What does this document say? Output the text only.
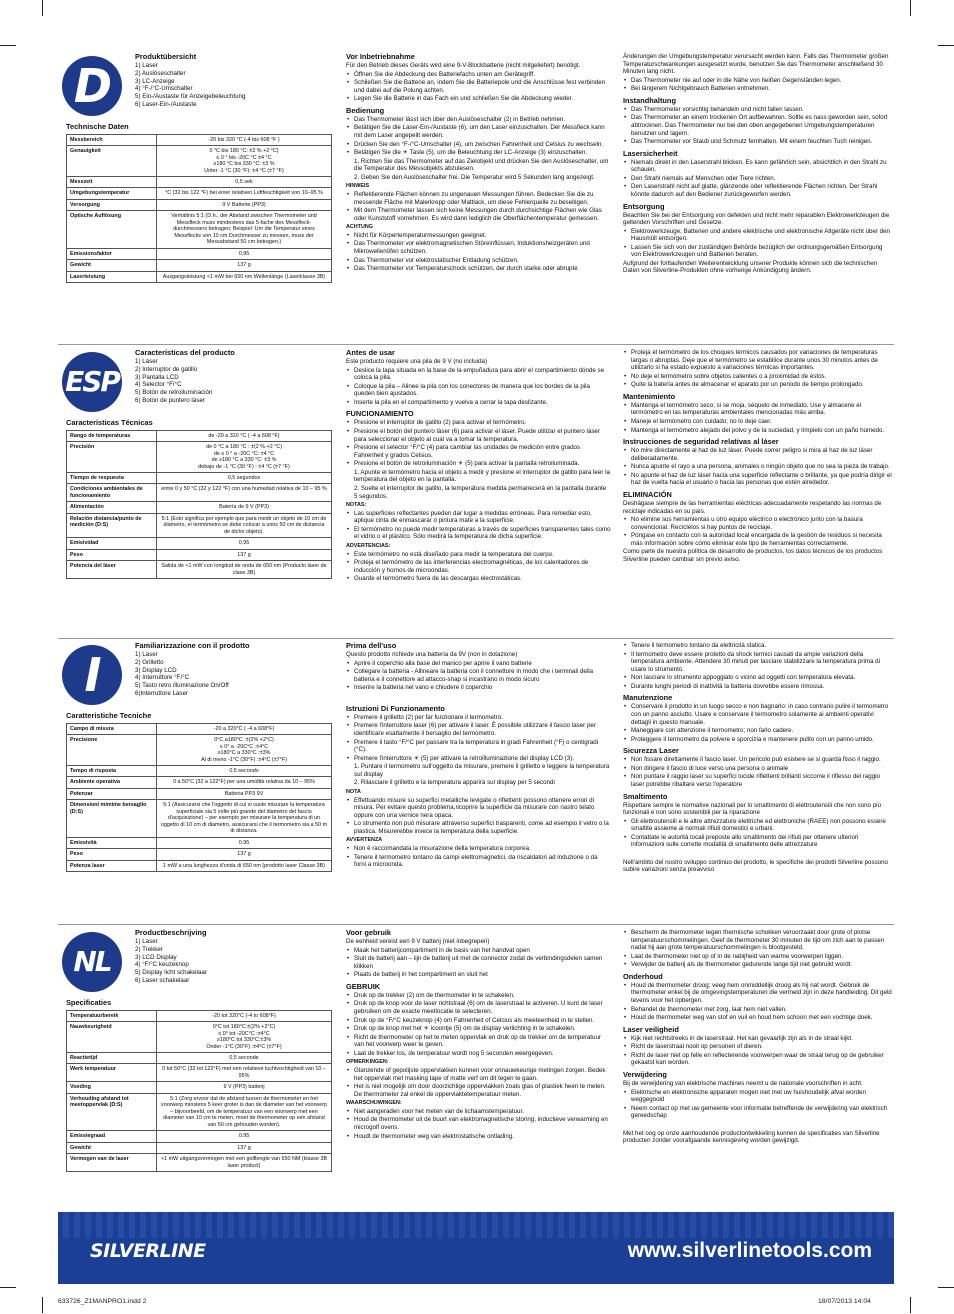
D
Produktübersicht
1) Laser
2) Auslöseschalter
3) LC-Anzeige
4) °F-/°C-Umschalter
5) Ein-/Austaste für Anzeigebeleuchtung
6) Laser-Ein-/Austaste
Technische Daten
Messbereich	-20 bis 320 °C (-4 bis 608 °F )

Genauigkeit	0 °C bis 180 °C: ±2 % +2 °C)
≤ 0 ° bis -20C °C ±4 °C
≥180 °C bis 330 °C: ±3 %
Unter -1 °C (30 °F): ±4 °C (±7 °F)

Messzeit	0,5 sek

Umgebungstemperatur	°C (32 bis 122 °F) bei einer relativen Luftfeuchtigkeit von 10–95 %

Versorgung	9 V Batterie (PP3)

Optische Auflösung	Verhältnis 5:1 (D.h., der Abstand zwischen Thermometer und Messfleck muss mindestens das 5-fache des Messfleck-durchmessers betragen; Beispiel: Um die Temperatur eines Messflecks von 10 cm Durchmesser zu messen, muss der Messabstand 50 cm betragen.)

Emissionsfaktor	0,95

Gewicht	137 g

Laserleistung	Ausgangsleistung <1 mW bei 650 nm Wellenlänge (Laserklasse 3B)
Vor Inbetriebnahme
Für den Betrieb dieses Geräts wird eine 9-V-Blockbatterie (nicht mitgeliefert) benötigt.
• Öffnen Sie die Abdeckung des Batteriefachs unten am Gerätegriff.
• Schließen Sie die Batterie an, indem Sie die Batteriepole und die Anschlüsse fest verbinden und dabei auf die Polung achten.
• Legen Sie die Batterie in das Fach ein und schließen Sie die Abdeckung wieder.
Bedienung
• Das Thermometer lässt sich über den Auslöseschalter (2) in Betrieb nehmen.
• Betätigen Sie die Laser-Ein-/Austaste (6), um den Laser einzuschalten. Der Messfleck kann mit dem Laser angepeilt werden.
• Drücken Sie den °F-/°C-Umschalter (4), um zwischen Fahrenheit und Celsius zu wechseln.
• Betätigen Sie die ☀ Taste (5), um die Beleuchtung der LC-Anzeige (3) einzuschalten.
1. Richten Sie das Thermometer auf das Zielobjekt und drücken Sie den Auslöseschalter, um die Temperatur des Messobjekts abzulesen.
2. Geben Sie den Auslöseschalter frei. Die Temperatur wird 5 Sekunden lang angezeigt.
HINWEIS
• Reflektierende Flächen können zu ungenauen Messungen führen. Bedecken Sie die zu messende Fläche mit Malerkrepp oder Mattlack, um diese Fehlerquelle zu beseitigen.
• Mit dem Thermometer lassen sich keine Messungen durch durchsichtige Flächen wie Glas oder Kunststoff vornehmen. Es wird dann lediglich die Oberflächentemperatur gemessen.
ACHTUNG
• Nicht für Körpertemperaturmessungen geeignet.
• Das Thermometer vor elektromagnetischen Störeinflüssen, Induktionsheizgeräten und Mikrowellenöfen schützen.
• Das Thermometer vor elektrostatischer Entladung schützen.
• Das Thermometer vor Temperaturschock schützen, der durch starke oder abrupte
Änderungen der Umgebungstemperatur verursacht werden kann. Falls das Thermometer großen Temperaturschwankungen ausgesetzt wurde, benutzen Sie das Thermometer anschließend 30 Minuten lang nicht.
• Das Thermometer nie auf oder in die Nähe von heißen Gegenständen legen.
• Bei längerem Nichtgebrauch Batterien entnehmen.
Instandhaltung
• Das Thermometer vorsichtig behandeln und nicht fallen lassen.
• Das Thermometer an einem trockenen Ort aufbewahren. Sollte es nass geworden sein, sofort abtrocknen. Das Thermometer nur bei den oben angegebenen Umgebungstemperaturen benutzen und lagern.
• Das Thermometer vor Staub und Schmutz fernhalten. Mit einem feuchten Tuch reinigen.
Lasersicherheit
• Niemals direkt in den Laserstrahl blicken. Es kann gefährlich sein, absichtlich in den Strahl zu schauen.
• Den Strahl niemals auf Menschen oder Tiere richten.
• Den Laserstrahl nicht auf glatte, glänzende oder reflektierende Flächen richten. Der Strahl könnte dadurch auf den Bediener zurückgeworfen werden.
Entsorgung
Beachten Sie bei der Entsorgung von defekten und nicht mehr reparablen Elektrowerkzeugen die geltenden Vorschriften und Gesetze.
• Elektrowerkzeuge, Batterien und andere elektrische und elektronische Altgeräte nicht über den Hausmüll entsorgen.
• Lassen Sie sich von der zuständigen Behörde bezüglich der ordnungsgemäßen Entsorgung von Elektrowerkzeugen und Batterien beraten.
Aufgrund der fortlaufenden Weiterentwicklung unserer Produkte können sich die technischen Daten von Silverline-Produkten ohne vorherige Ankündigung ändern.
ESP
Características del producto
1) Láser
2) Interruptor de gatillo
3) Pantalla LCD
4) Selector °F/°C
5) Botón de retroiluminación
6) Botón de puntero láser
Características Técnicas
Rango de temperaturas	de -20 a 320 °C ( -4 a 608 °F)

Precisión	de 0 °C a 180 °C : ±(2 % +2 °C)
de ≤ 0 ° a -20C °C: ±4 °C
de ≥180 °C a 330 °C: ±3 %
debajo de -1 °C (30 °F) : ±4 °C (±7 °F)

Tiempo de respuesta	0,5 segundos

Condiciones ambientales de funcionamiento	entre 0 y 50 °C (32 y 122 °F) con una humedad relativa de 10 – 95 %

Alimentación	Batería de 9 V (PP3)

Relación distancia/punto de medición (D:S)	5:1 (Esto significa por ejemplo que para medir un objeto de 10 cm de diámetro, el termómetro se debe colocar a unos 50 cm de distancia de dicho objeto).

Emisividad	0,95

Peso	137 g

Potencia del láser	Salida de <1 mW con longitud de onda de 650 nm (Producto láser de clase 3B)
Antes de usar
Este producto requiere una pila de 9 V (no incluida)
• Deslice la tapa situada en la base de la empuñadura para abrir el compartimiento dónde se coloca la pila.
• Coloque la pila – Alinee la pila con los conectores de manera que los bordes de la pila queden bien ajustados.
• Inserte la pila en el compartimento y vuelva a cerrar la tapa deslizante.
FUNCIONAMIENTO
• Presione el interruptor de gatillo (2) para activar el termómetro.
• Presione el botón del puntero láser (6) para activar el láser. Puede utilizar el puntero láser para seleccionar el objeto al cual va a tomar la temperatura.
• Presione el selector °F/°C (4) para cambiar las unidades de medición entre grados Fahrenheit y grados Celsius.
• Presione el botón de retroiluminación ☀ (5) para activar la pantalla retroiluminada.
1. Apunte el termómetro hacia el objeto a medir y presione el interruptor de gatillo para leer la temperatura del objeto en la pantalla.
2. Suelte el interruptor de gatillo, la temperatura medida permanecerá en la pantalla durante 5 segundos.
NOTAS:
• Las superficies reflectantes pueden dar lugar a medidas erróneas. Para remediar esto, aplique cinta de enmascarar o pintura mate a la superficie.
• El termómetro no puede medir temperaturas a través de superficies transparentes tales como el vidrio o el plástico. Sólo medirá la temperatura de dicha superficie.
ADVERTENCIAS:
• Este termómetro no está diseñado para medir la temperatura del cuerpo.
• Proteja el termómetro de las interferencias electromagnéticas, de los calentadores de inducción y hornos de microondas.
• Guarde el termómetro fuera de las descargas electrostáticas.
• Proteja el termómetro de los choques térmicos causados por variaciones de temperaturas largas o abruptas. Deje que el termómetro se estabilice durante unos 30 minutos antes de utilizarlo si ha estado expuesto a variaciones térmicas importantes.
• No deje el termómetro sobre objetos calientes o a proximidad de éstos.
• Quite la batería antes de almacenar el aparato por un periodo de tiempo prolongado.
Mantenimiento
• Mantenga el termómetro seco; si se moja, séquelo de inmediato. Use y almacene el termómetro en las temperaturas ambientales mencionadas más arriba.
• Maneje el termómetro con cuidado; no lo deje caer.
• Mantenga el termómetro alejado del polvo y de la suciedad, y límpielo con un paño húmedo.
Instrucciones de seguridad relativas al láser
• No mire directamente al haz de luz láser. Puede correr peligro si mira al haz de luz láser deliberadamente.
• Nunca apunte el rayo a una persona, animales o ningún objeto que no sea la pieza de trabajo.
• No apunte el haz de luz láser hacia una superficie reflectante o brillante, ya que podría dirigir el haz de vuelta hacia el usuario o hacia las personas que estén alrededor.
ELIMINACIÓN
Deshágase siempre de las herramientas eléctricas adecuadamente respetando las normas de reciclaje indicadas en su país.
• No elimine sus herramientas u otro equipo eléctrico o electrónico junto con la basura convencional. Recíclelos si hay puntos de reciclaje.
• Póngase en contacto con la autoridad local encargada de la gestión de residuos si necesita más información sobre cómo eliminar este tipo de herramientas correctamente.
Como parte de nuestra política de desarrollo de productos, los datos técnicos de los productos Silverline pueden cambiar sin previo aviso.
I
Familiarizzazione con il prodotto
1) Laser
2) Grilletto
3) Display LCD
4) Interruttore °F/°C
5) Tasto retro illuminazione On/Off
6)Interruttore Laser
Caratteristiche Tecniche
Campo di misura	-20 a 320°C ( -4 a 608°F)

Precisione	0°C a180°C :±(2% +2°C)
≤ 0° a -20C°C :±4°C
≥180°C a 330°C :±3%
Al di meno -1°C (30°F) :±4°C (±7°F)

Tempo di risposta	0.5 secondo

Ambiente operativa	0 a 50°C (32 a 122°F) per una umidità relativa da 10 – 95%

Potenzar	Batteria PP3 9V

Dimensioni mimime bersaglio (D:S)	5:1 (Assicurarsi che l'oggetto di cui si vuole misurare la temperatura superficiale sia 5 volte più grande del diametro del fascio d'acquisizione) – per esempio per misurare la temperatura di un oggetto di 10 cm di diametro, assicurarsi che il termometro sia a 50 m di distanza.

Emissività	0.95

Peso	137 g

Potenza laser	1 mW a una lunghezza d'onda di 650 nm (prodotto laser Classe 3B)
Prima dell'uso
Questo prodotto richiede una batteria da 9V (non in dotazione)
• Aprire il coperchio alla base del manico per aprire il vano batterie
• Collegare la batteria - Allineare la batteria con il connettore in modo che i terminali della batteria e il connettore ad attacco-snap si incastrano in modo sicuro
• Inserire la batteria nel vano e chiudere il coperchio
Istruzioni Di Funzionamento
• Premere il grilletto (2) per far funzionare il termometro.
• Premere l'interruttore laser (6) per attivare il laser. È possibile utilizzare il fascio laser per identificare esattamente il bersaglio del termometro.
• Premere il tasto °F/°C per passare tra la temperatura in gradi Fahrenheit (°F) o centigradi (°C).
• Premere l'interruttore ☀ (5) per attivare la retroilluminazione del display LCD (3).
1. Puntare il termometro sull'oggetto da misurare, premere il grilletto e leggere la temperatura sul display
2. Rilasciare il grilletto e la temperatura apparirà sul display per 5 secondi
NOTA
• Effettuando misure su superfici metalliche levigate o riflettenti possono ottenere errori di misura. Per evitare questo problema,ricoprire la superficie da misurare con nastro telato oppure con una vernice nera opaca.
• Lo strumento non può misurare attraverso superfici trasparenti, come ad esempio il vetro o la plastica. Misurerebbe invece la temperatura della superficie.
AVVERTENZA
• Non è raccomandata la misurazione della temperatura corporea.
• Tenere il termometro lontano da campi elettromagnetici, da riscaldatori ad induzione o da forni a microonda.
• Tenere il termometro lontano da elettricità statica.
• Il termometro deve essere protetto da shock termici causati da ampie variazioni della temperatura ambiente. Attendere 30 minuti per lasciare stabilizzare la temperatura prima di usare lo strumento.
• Non lasciare lo strumento appoggiato o vicino ad oggetti con temperatura elevata.
• Durante lunghi periodi di inattività la batteria dovrebbe essere rimossa.
Manutenzione
• Conservare il prodotto in un luogo secco e non bagnarlo: in caso contrario pulire il termometro con un panno asciutto. Usare e conservare il termometro solamente ai ambienti operativi dettagli in questo manuale.
• Maneggiare con attenzione il termometro; non farlo cadere.
• Proteggere il termometro da polvere e sporcizia e mantenere pulito con un panno umido.
Sicurezza Laser
• Non fissare direttamente il fascio laser. Un pericolo può esistere se si guarda fisso il raggio.
• Non dirigere il fascio di luce verso una persona o animale
• Non puntare il raggio laser su superfici lucide riflettenti brillanti siccome il riflesso del raggio laser potrebbe ribaltare verso l'operatore
Smaltimento
Rispettare sempre le normative nazionali per lo smaltimento di elettroutensili che non sono più funzionali e non sono sostenibili per la riparazione
• Gli elettroutensili e le altre attrezzature elettriche ed elettroniche (RAEE) non possono essere smaltite assieme ai normali rifiuti domestici e urbani.
• Contattate le autorità locali preposte allo smaltimento dei rifiuti per ottenere ulteriori informazioni sulle corrette modalità di smaltimento delle attrezzature
Nell'ambito del nostro sviluppo continuo del prodotto, le specifiche dei prodotti Silverline possono subire variazioni senza preavviso
NL
Productbeschrijving
1) Laser
2) Trekker
3) LCD Display
4) °F/°C keuzeknop
5) Display licht schakelaar
6) Laser schakelaar
Specificaties
Temperatuurbereik	-20 tot 320°C (-4 to 608°F)

Nauwkeurigheid	0°C tot 180°C:±(2% +2°C)
≤ 0° tot -20C°C :±4°C
≥180°C tot 330°C:±3%
Onder -1°C (30°F) :±4°C (±7°F)

Reactietijd	0,5 seconde

Werk temperatuur	0 tot 50°C (32 tot 122°F) met een relatieve luchtvochtigheid van 10 – 95%

Voeding	9 V (PP3) batterij

Verhouding afstand tot meetoppervlak (D:S)	5:1 (Zorg ervoor dat de afstand tussen de thermometer en het voorwerp minstens 5 keer groter is dan de diameter van het voorwerp – bijvoorbeeld, om de temperatuur van een voorwerp met een diameter van 10 cm te meten, moet de thermometer op een afstand van 50 cm gehouden worden).

Emissiegraad	0.95

Gewicht	137 g

Vermogen van de laser	<1 mW uitgangsvermogen met een golflengte van 650 NM (klasse 3B laser product)
Voor gebruik
De eenheid vereist een 9 V batterij (niet inbegrepen)
• Maak het batterijcompartiment in de basis van het handvat open
• Sluit de batterij aan – lijn de batterij uit met de connector zodat de verbindingsdelen samen klikken
• Plaats de batterij in het compartiment en sluit het
GEBRUIK
• Druk op de trekker (2) om de thermometer in te schakelen.
• Druk op de knop voor de laser richtstraal (6) om de laserstraal te activeren. U kunt de laser gebruiken om de exacte meetlocatie te selecteren.
• Druk op de °F/°C keuzeknop (4) om Fahrenheit of Celcius als meeteenheid in te stellen.
• Druk op de knop met het ☀ icoontje (5) om de display verlichting in te schakelen.
• Richt de thermometer op het te meten oppervlak en druk op de trekker om de temperatuur van het voorwerp weer te geven.
• Laat de trekker los, de temperatuur wordt nog 5 seconden weergegeven.
OPMERKINGEN:
• Glanzende of gepolijste oppervlakken kunnen voor onnauwkeurige metingen zorgen. Bedek het oppervlak met masking tape of matte verf om dit tegen te gaan.
• Het is niet mogelijk om door doorzichtige oppervlakken zoals glas of plastiek heen te meten. De thermometer zal enkel de oppervlaktetemperatuur meten.
WAARSCHUWINGEN:
• Niet aangeraden voor het meten van de lichaamstemperatuur.
• Houd de thermometer uit de buurt van elektromagnetische storing, inductieve verwarming en microgolf ovens.
• Houdt de thermometer weg van elektrostatische ontlading.
• Bescherm de thermometer tegen thermische schokken veroorzaakt door grote of plotse temperatuurschommelingen. Geef de thermometer 30 minuten de tijd om zich aan te passen nadat hij aan grote temperatuurschommelingen is blootgesteld.
• Laat de thermometer niet op of in de nabijheid van warme voorwerpen liggen.
• Verwijder de batterij als de thermometer gedurende lange tijd niet gebruikt wordt.
Onderhoud
• Houd de thermometer droog; veeg hem onmiddellijk droog als hij nat wordt. Gebruik de thermometer enkel bij de omgevingstemperaturen die vermeld zijn in deze handleiding. Dit geld tevens voor het opbergen.
• Behandel de thermometer met zorg, laat hem niet vallen.
• Houd de thermometer weg van stof en vuil en houd hem schoon met een vochtige doek.
Laser veiligheid
• Kijk niet rechtstreeks in de laserstraal. Het kan gevaarlijk zijn als in de straal kijkt.
• Richt de laserstraal nooit op personen of dieren.
• Richt de laser niet op felle en reflecterende voorwerpen waar de straal terug op de gebruiker gekaatst kan worden.
Verwijdering
Bij de verwijdering van elektrische machines neemt u de nationale voorschriften in acht.
• Elektrische en elektronische apparaten mogen niet met uw huishoudelijk afval worden weggegooid
• Neem contact op met uw gemeente voor informatie betreffende de verwijdering van elektrisch gereedschap
Met het oog op onze aanhoudende productontwikkeling kunnen de specificaties van Silverline producten zonder voorafgaande kennisgeving worden gewijzigd.
SILVERLINE	www.silverlinetools.com
633726_Z1MANPRO1.indd 2	18/07/2013 14:04
